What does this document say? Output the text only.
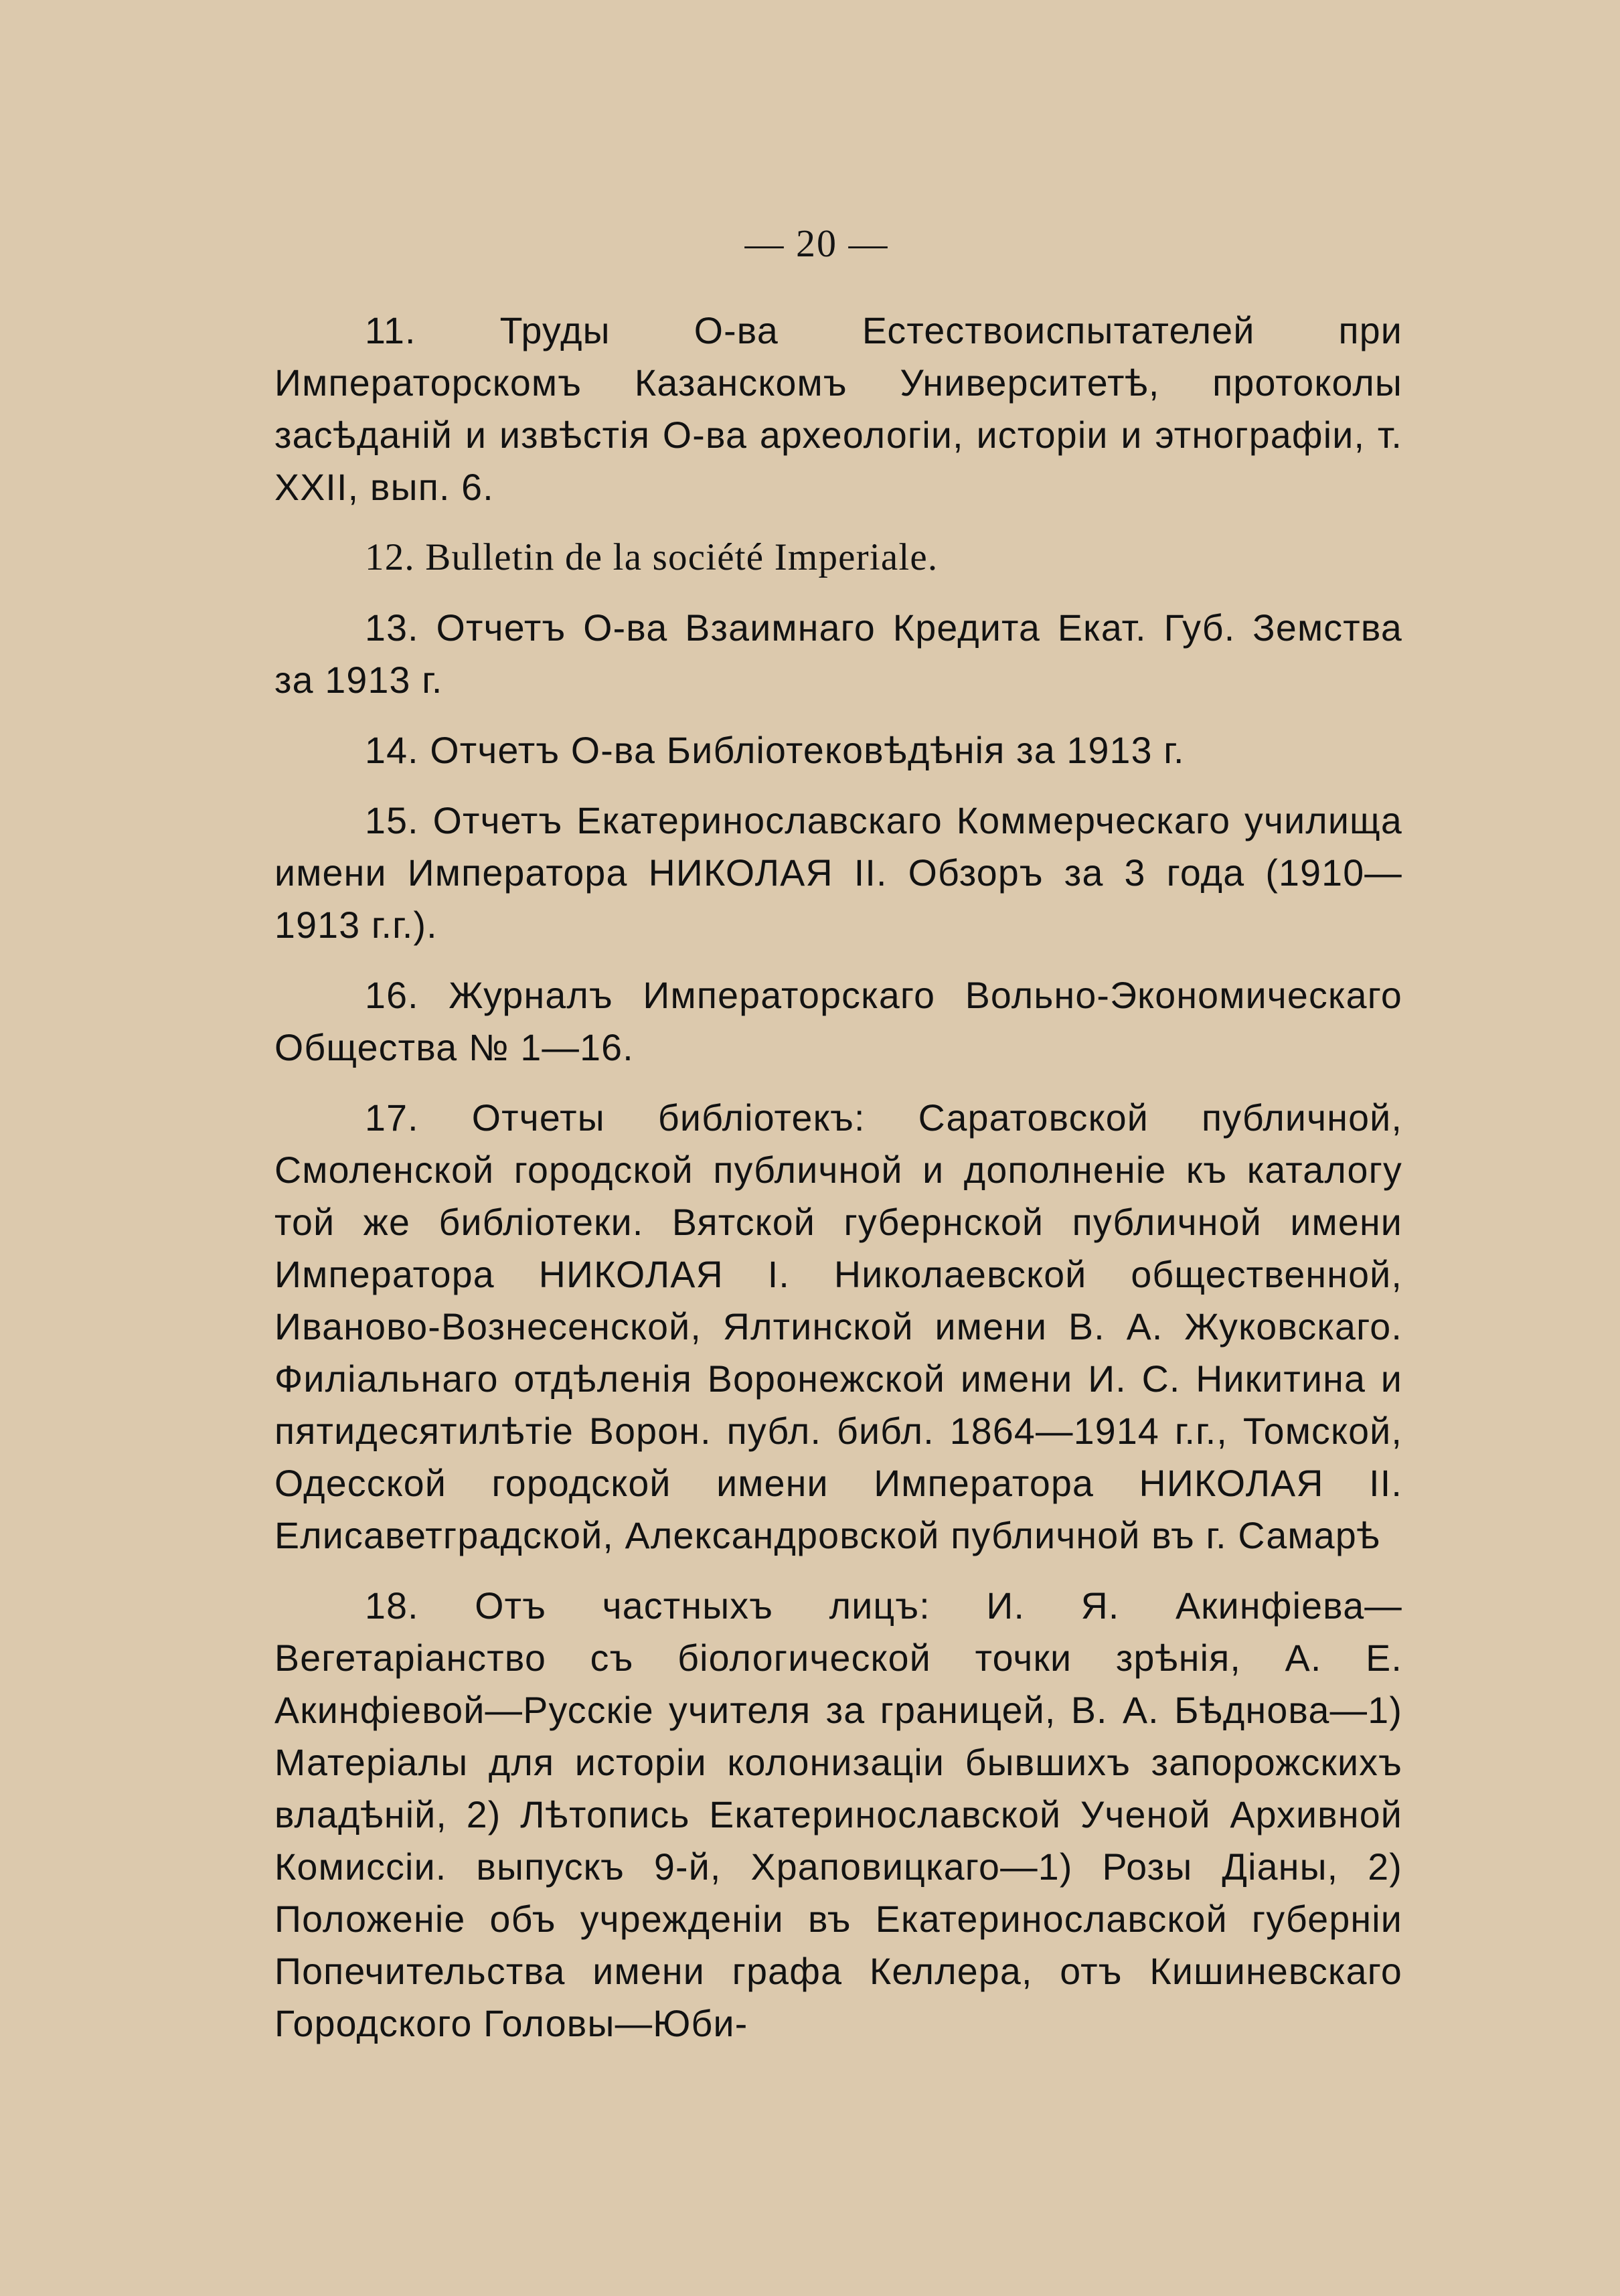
— 20 —

11. Труды О-ва Естествоиспытателей при Императорскомъ Казанскомъ Университетѣ, протоколы засѣданій и извѣстія О-ва археологіи, исторіи и этнографіи, т. XXII, вып. 6.

12. Bulletin de la société Imperiale.

13. Отчетъ О-ва Взаимнаго Кредита Екат. Губ. Земства за 1913 г.

14. Отчетъ О-ва Библіотековѣдѣнія за 1913 г.

15. Отчетъ Екатеринославскаго Коммерческаго училища имени Императора НИКОЛАЯ II. Обзоръ за 3 года (1910—1913 г.г.).

16. Журналъ Императорскаго Вольно-Экономическаго Общества № 1—16.

17. Отчеты библіотекъ: Саратовской публичной, Смоленской городской публичной и дополненіе къ каталогу той же библіотеки. Вятской губернской публичной имени Императора НИКОЛАЯ I. Николаевской общественной, Иваново-Вознесенской, Ялтинской имени В. А. Жуковскаго. Филіальнаго отдѣленія Воронежской имени И. С. Никитина и пятидесятилѣтіе Ворон. публ. библ. 1864—1914 г.г., Томской, Одесской городской имени Императора НИКОЛАЯ II. Елисаветградской, Александровской публичной въ г. Самарѣ

18. Отъ частныхъ лицъ: И. Я. Акинфіева—Вегетаріанство съ біологической точки зрѣнія, А. Е. Акинфіевой—Русскіе учителя за границей, В. А. Бѣднова—1) Матеріалы для исторіи колонизаціи бывшихъ запорожскихъ владѣній, 2) Лѣтопись Екатеринославской Ученой Архивной Комиссіи. выпускъ 9-й, Храповицкаго—1) Розы Діаны, 2) Положеніе объ учрежденіи въ Екатеринославской губерніи Попечительства имени графа Келлера, отъ Кишиневскаго Городского Головы—Юби-
